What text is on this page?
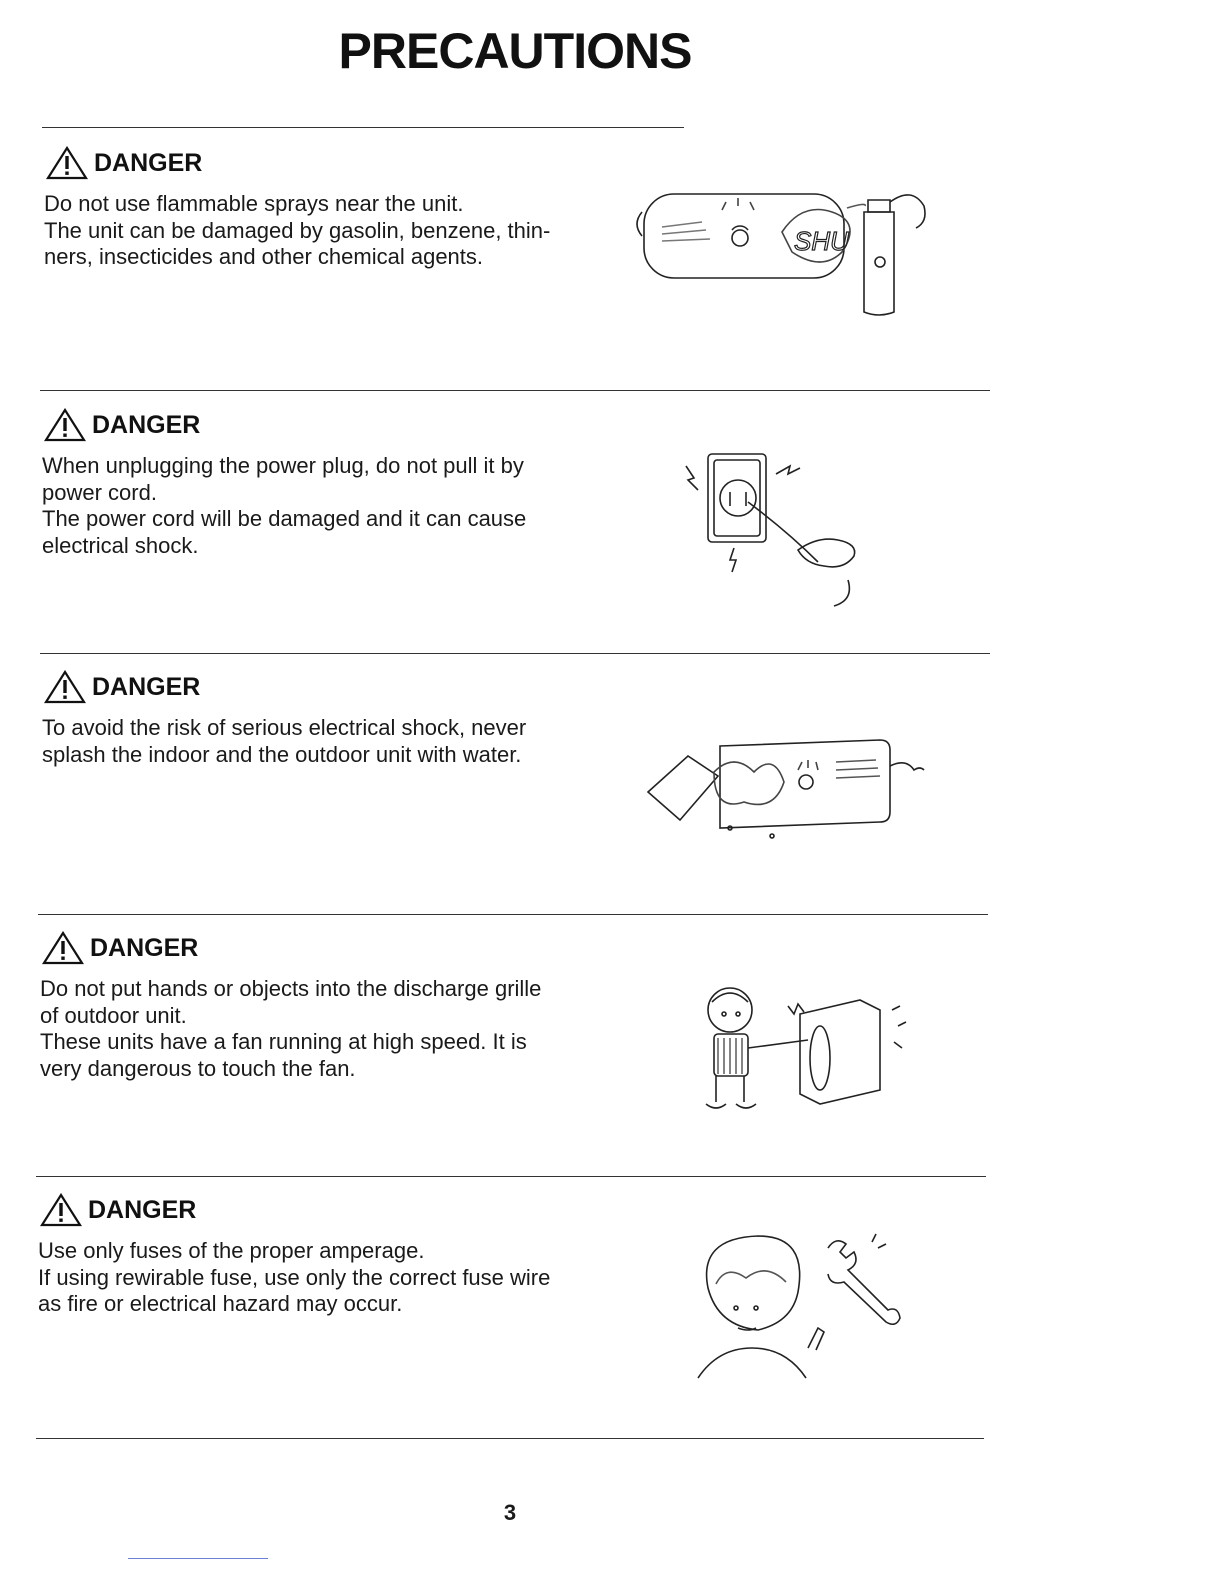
PRECAUTIONS
DANGER

Do not use flammable sprays near the unit.

The unit can be damaged by gasolin, benzene, thin-

ners, insecticides and other chemical agents.

SHU
DANGER

When unplugging the power plug, do not pull it by

power cord.

The power cord will be damaged and it can cause

electrical shock.

DANGER

To avoid the risk of serious electrical shock, never

splash the indoor and the outdoor unit with water.

DANGER

Do not put hands or objects into the discharge grille

of outdoor unit.

These units have a fan running at high speed. It is

very dangerous to touch the fan.

DANGER

Use only fuses of the proper amperage.

If using rewirable fuse, use only the correct fuse wire

as fire or electrical hazard may occur.

3
